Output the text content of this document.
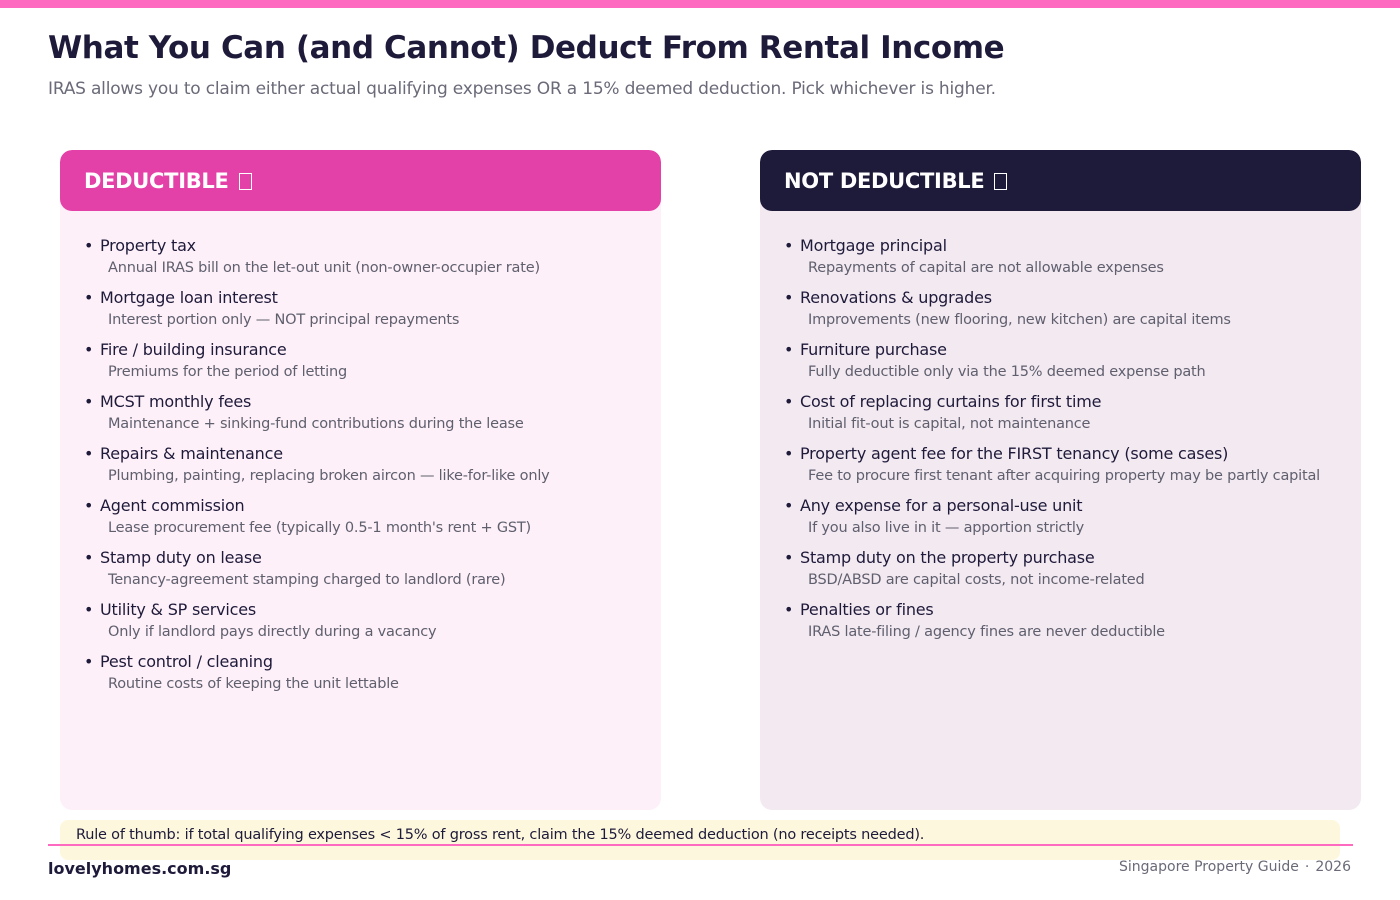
What You Can (and Cannot) Deduct From Rental Income

IRAS allows you to claim either actual qualifying expenses OR a 15% deemed deduction. Pick whichever is higher.

DEDUCTIBLE
• Property tax
Annual IRAS bill on the let-out unit (non-owner-occupier rate)
• Mortgage loan interest
Interest portion only — NOT principal repayments
• Fire / building insurance
Premiums for the period of letting
• MCST monthly fees
Maintenance + sinking-fund contributions during the lease
• Repairs & maintenance
Plumbing, painting, replacing broken aircon — like-for-like only
• Agent commission
Lease procurement fee (typically 0.5-1 month's rent + GST)
• Stamp duty on lease
Tenancy-agreement stamping charged to landlord (rare)
• Utility & SP services
Only if landlord pays directly during a vacancy
• Pest control / cleaning
Routine costs of keeping the unit lettable
NOT DEDUCTIBLE
• Mortgage principal
Repayments of capital are not allowable expenses
• Renovations & upgrades
Improvements (new flooring, new kitchen) are capital items
• Furniture purchase
Fully deductible only via the 15% deemed expense path
• Cost of replacing curtains for first time
Initial fit-out is capital, not maintenance
• Property agent fee for the FIRST tenancy (some cases)
Fee to procure first tenant after acquiring property may be partly capital
• Any expense for a personal-use unit
If you also live in it — apportion strictly
• Stamp duty on the property purchase
BSD/ABSD are capital costs, not income-related
• Penalties or fines
IRAS late-filing / agency fines are never deductible
Rule of thumb: if total qualifying expenses < 15% of gross rent, claim the 15% deemed deduction (no receipts needed).
lovelyhomes.com.sg	Singapore Property Guide · 2026
